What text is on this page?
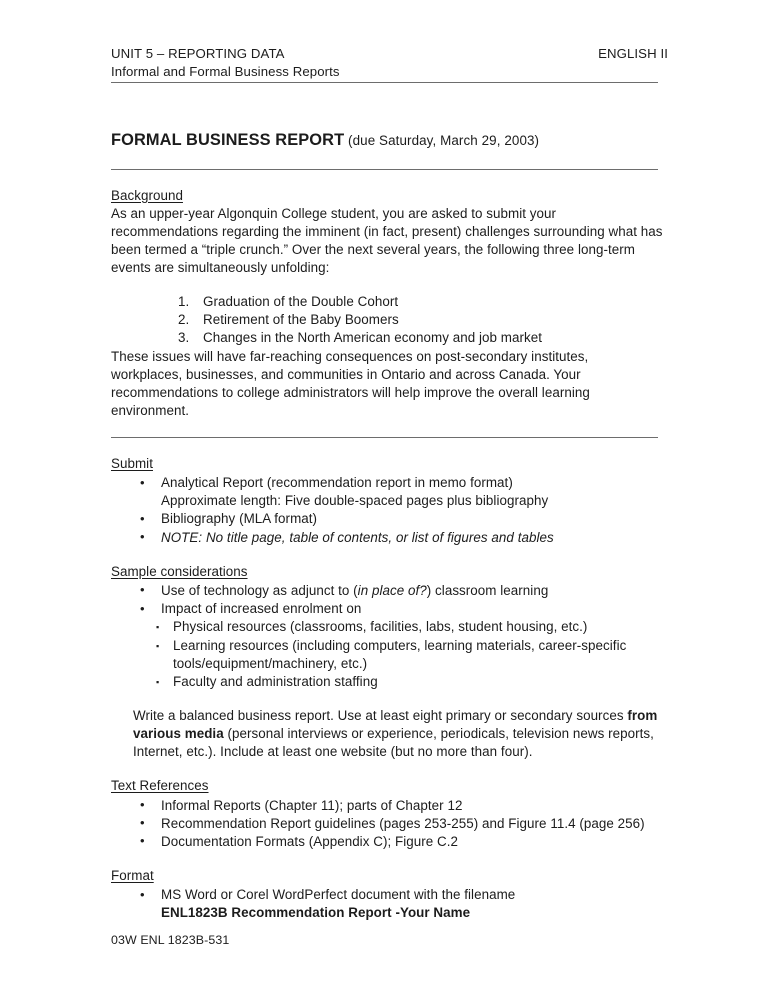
UNIT 5 – REPORTING DATA	ENGLISH II
Informal and Formal Business Reports
FORMAL BUSINESS REPORT (due Saturday, March 29, 2003)
Background
As an upper-year Algonquin College student, you are asked to submit your recommendations regarding the imminent (in fact, present) challenges surrounding what has been termed a “triple crunch.” Over the next several years, the following three long-term events are simultaneously unfolding:
1. Graduation of the Double Cohort
2. Retirement of the Baby Boomers
3. Changes in the North American economy and job market
These issues will have far-reaching consequences on post-secondary institutes, workplaces, businesses, and communities in Ontario and across Canada. Your recommendations to college administrators will help improve the overall learning environment.
Submit
• Analytical Report (recommendation report in memo format)
Approximate length: Five double-spaced pages plus bibliography
• Bibliography (MLA format)
• NOTE: No title page, table of contents, or list of figures and tables
Sample considerations
• Use of technology as adjunct to (in place of?) classroom learning
• Impact of increased enrolment on
▪ Physical resources (classrooms, facilities, labs, student housing, etc.)
▪ Learning resources (including computers, learning materials, career-specific tools/equipment/machinery, etc.)
▪ Faculty and administration staffing
Write a balanced business report. Use at least eight primary or secondary sources from various media (personal interviews or experience, periodicals, television news reports, Internet, etc.). Include at least one website (but no more than four).
Text References
• Informal Reports (Chapter 11); parts of Chapter 12
• Recommendation Report guidelines (pages 253-255) and Figure 11.4 (page 256)
• Documentation Formats (Appendix C); Figure C.2
Format
• MS Word or Corel WordPerfect document with the filename
ENL1823B Recommendation Report -Your Name
03W ENL 1823B-531
